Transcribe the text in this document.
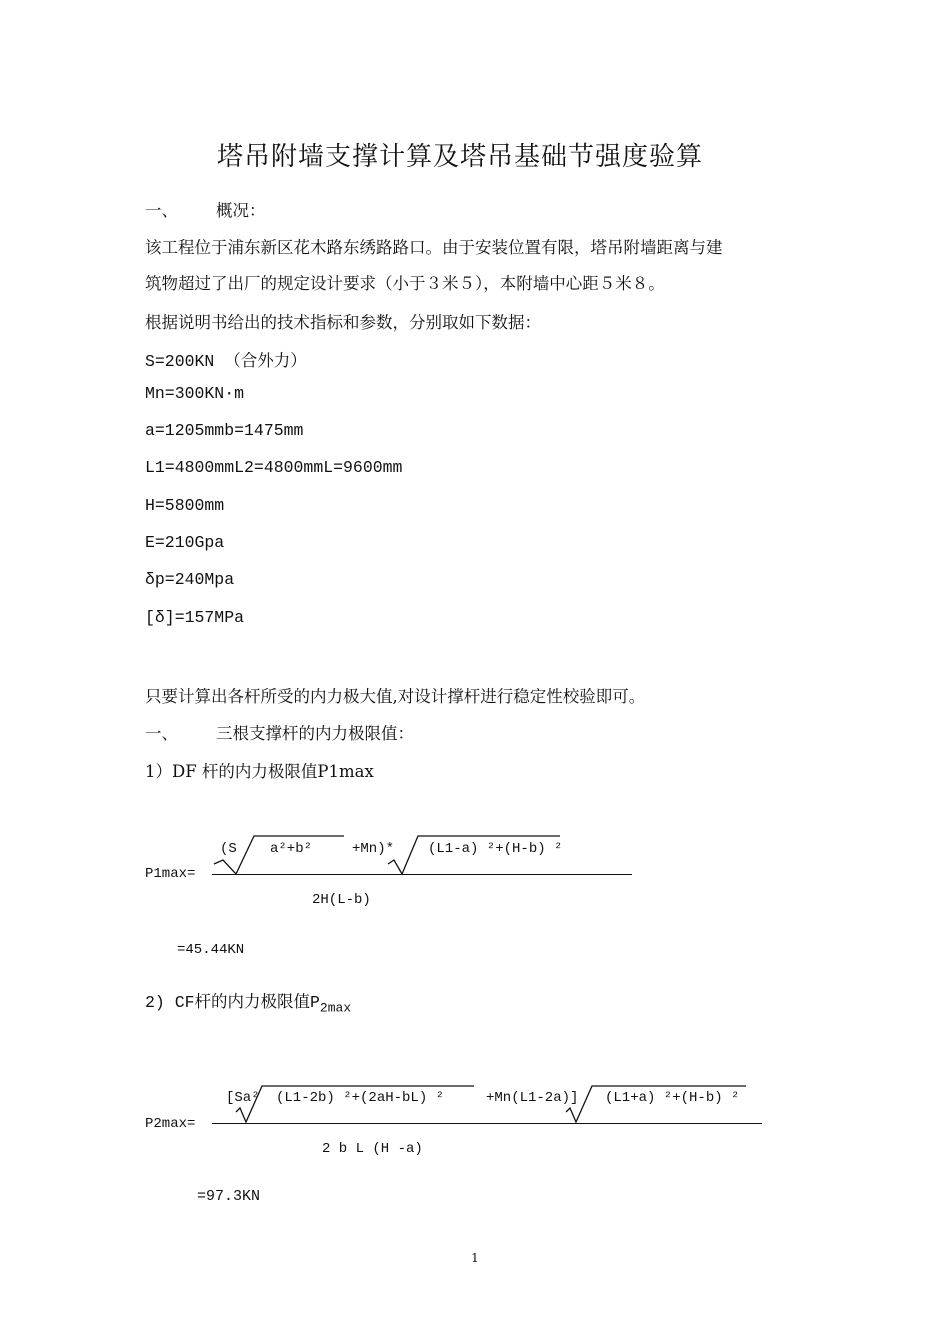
塔吊附墙支撑计算及塔吊基础节强度验算
一、 概况：
该工程位于浦东新区花木路东绣路路口。由于安装位置有限，塔吊附墙距离与建
筑物超过了出厂的规定设计要求（小于３米５），本附墙中心距５米８。
根据说明书给出的技术指标和参数，分别取如下数据：
S=200KN （合外力）
Mn=300KN·m
a=1205mmb=1475mm
L1=4800mmL2=4800mmL=9600mm
H=5800mm
E=210Gpa
δp=240Mpa
[δ]=157MPa
只要计算出各杆所受的内力极大值,对设计撑杆进行稳定性校验即可。
一、 三根支撑杆的内力极限值：
1）DF 杆的内力极限值P1max
P1max=
(S a²+b²	+Mn)* (L1-a) ²+(H-b) ²
2H(L-b)
=45.44KN
2) CF杆的内力极限值$P_{2max}$
P2max=
[Sa² (L1-2b) ²+(2aH-bL) ²	+Mn(L1-2a)] (L1+a) ²+(H-b) ²
2 b L (H -a)
=97.3KN
1
